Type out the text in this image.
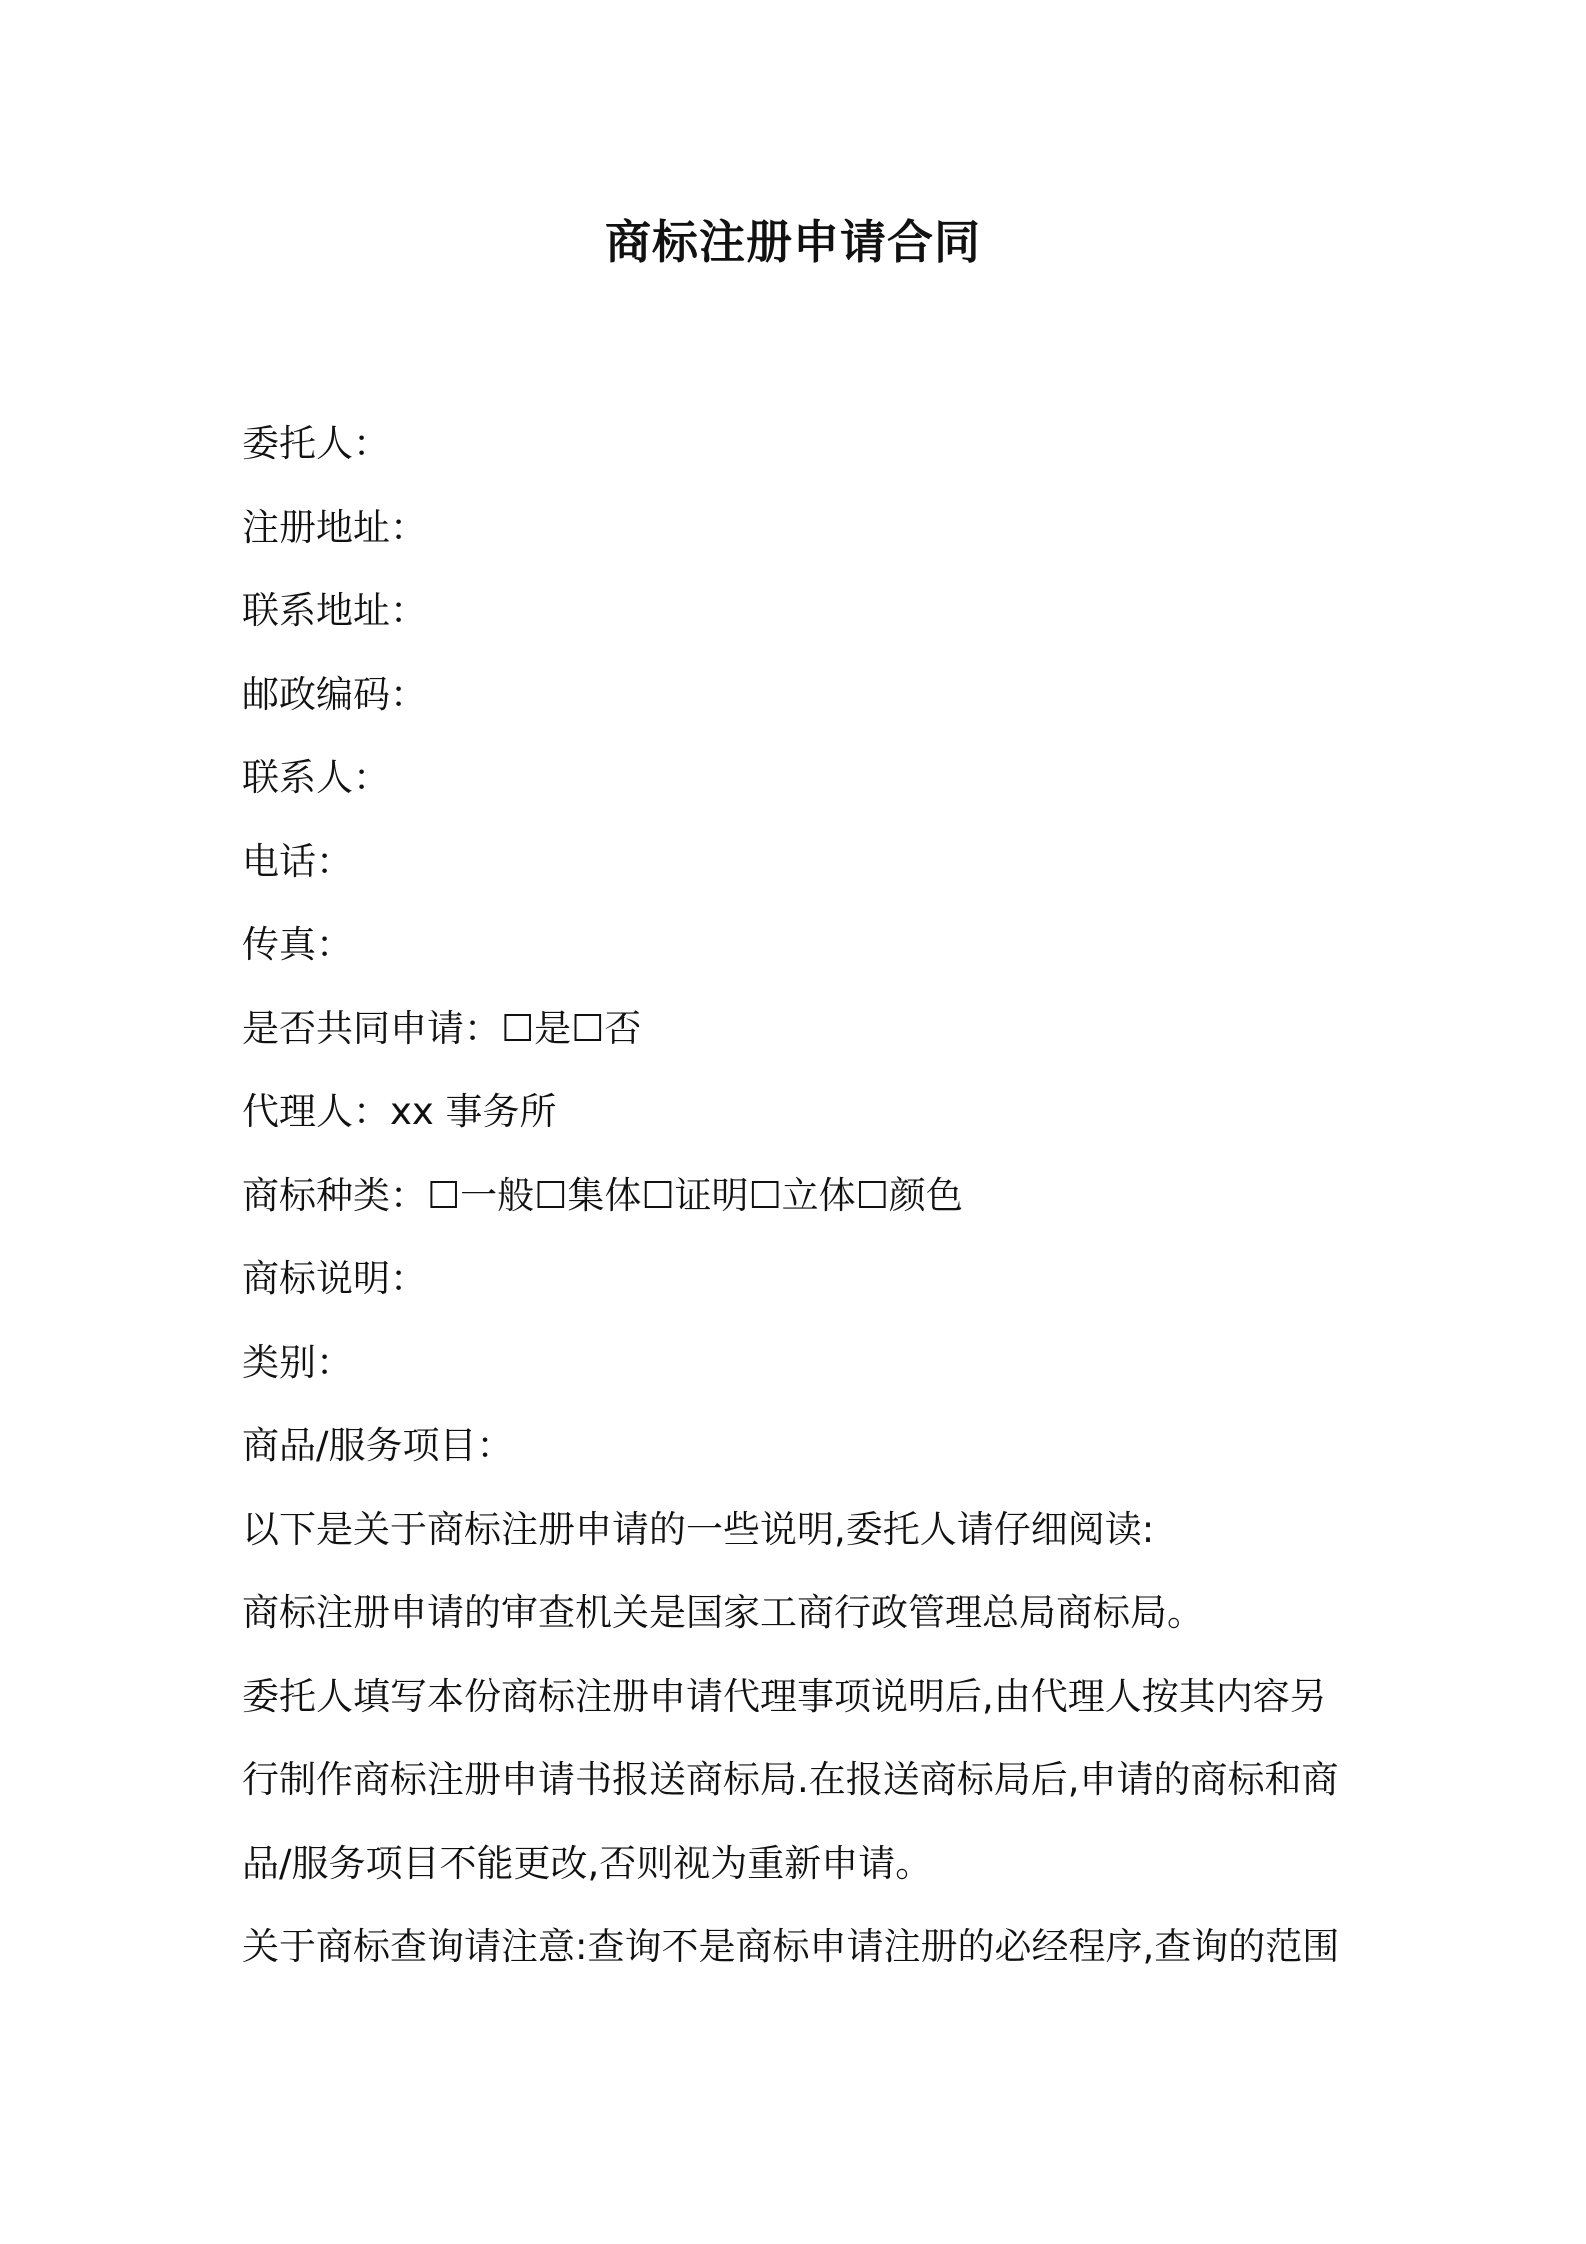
商标注册申请合同
委托人：
注册地址：
联系地址：
邮政编码：
联系人：
电话：
传真：
是否共同申请：☐是☐否
代理人：xx 事务所
商标种类：☐一般☐集体☐证明☐立体☐颜色
商标说明：
类别：
商品/服务项目：
以下是关于商标注册申请的一些说明,委托人请仔细阅读:
商标注册申请的审查机关是国家工商行政管理总局商标局。
委托人填写本份商标注册申请代理事项说明后,由代理人按其内容另
行制作商标注册申请书报送商标局.在报送商标局后,申请的商标和商
品/服务项目不能更改,否则视为重新申请。
关于商标查询请注意:查询不是商标申请注册的必经程序,查询的范围
